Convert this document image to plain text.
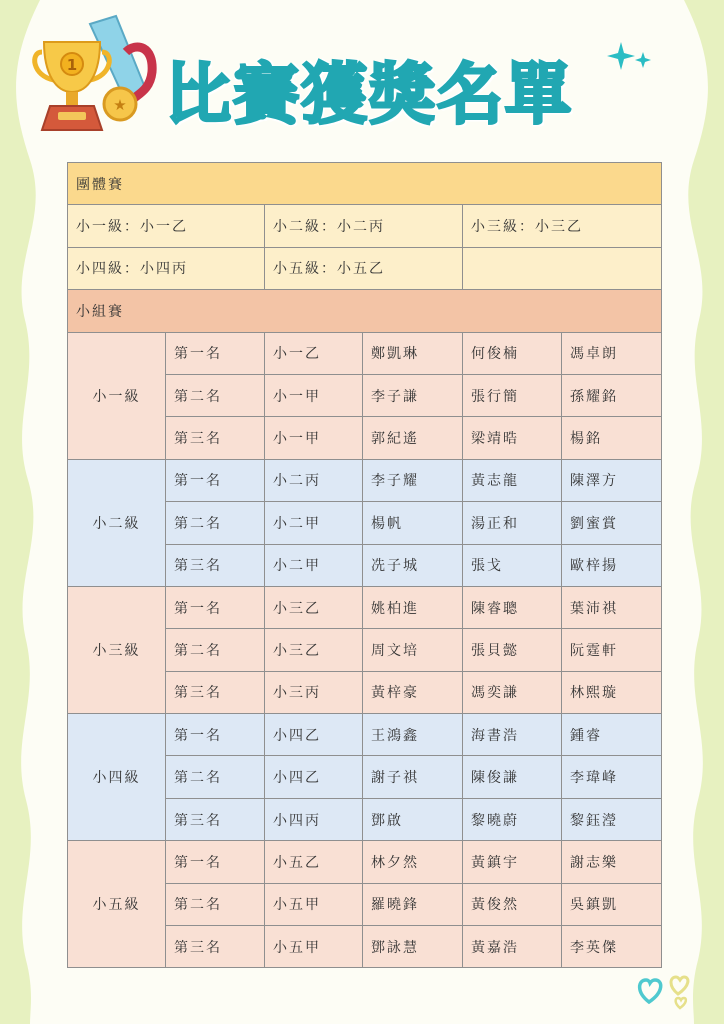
★
1 比賽獲獎名單
團體賽					
小一級：小一乙		小二級：小二丙		小三級：小三乙	
小四級：小四丙		小五級：小五乙			
小組賽					
小一級	第一名	小一乙	鄭凱琳	何俊楠	馮卓朗
	第二名	小一甲	李子謙	張行簡	孫耀銘
	第三名	小一甲	郭紀遙	梁靖晧	楊銘
小二級	第一名	小二丙	李子耀	黃志龍	陳澤方
	第二名	小二甲	楊帆	湯正和	劉蜜賞
	第三名	小二甲	冼子城	張戈	歐梓揚
小三級	第一名	小三乙	姚柏進	陳睿聰	葉沛祺
	第二名	小三乙	周文培	張貝懿	阮霆軒
	第三名	小三丙	黃梓豪	馮奕謙	林熙璇
小四級	第一名	小四乙	王鴻鑫	海書浩	鍾睿
	第二名	小四乙	謝子祺	陳俊謙	李瑋峰
	第三名	小四丙	鄧啟	黎曉蔚	黎鈺瀅
小五級	第一名	小五乙	林夕然	黃鎮宇	謝志樂
	第二名	小五甲	羅曉鋒	黃俊然	吳鎮凱
	第三名	小五甲	鄧詠慧	黃嘉浩	李英傑
